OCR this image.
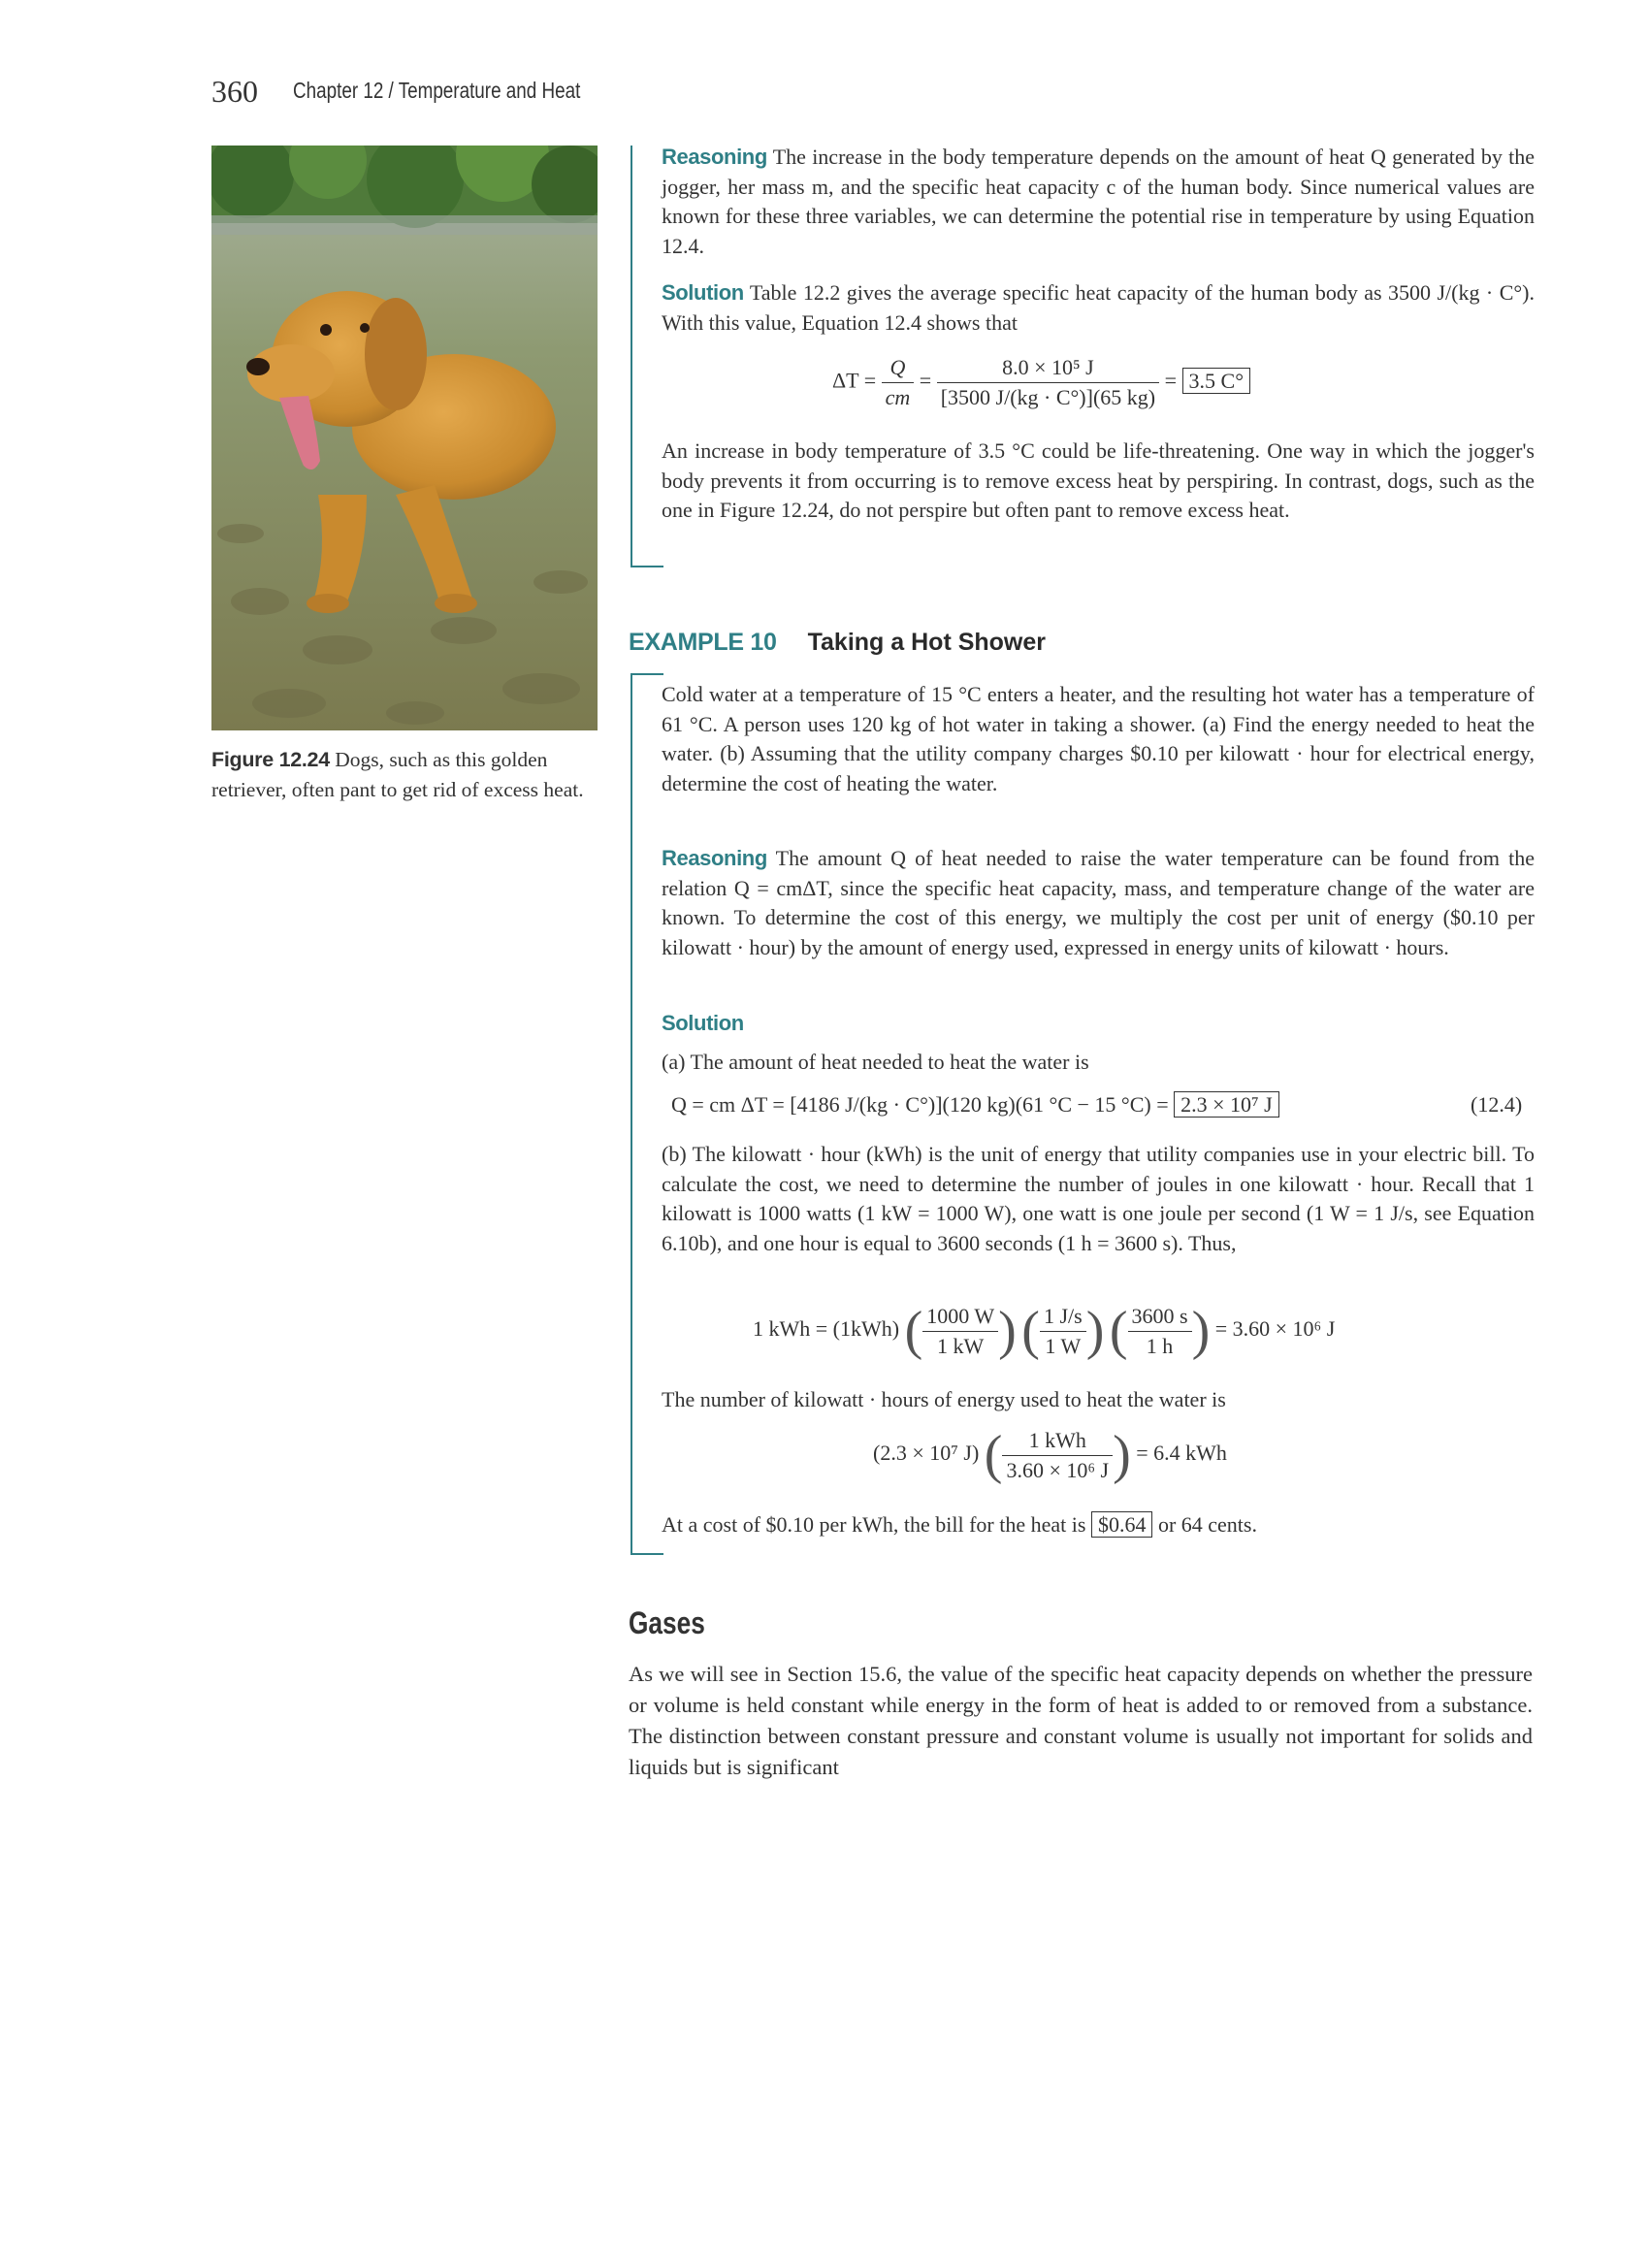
360 Chapter 12 / Temperature and Heat
Figure 12.24 Dogs, such as this golden retriever, often pant to get rid of excess heat.

Reasoning The increase in the body temperature depends on the amount of heat Q generated by the jogger, her mass m, and the specific heat capacity c of the human body. Since numerical values are known for these three variables, we can determine the potential rise in temperature by using Equation 12.4.

Solution Table 12.2 gives the average specific heat capacity of the human body as 3500 J/(kg · C°). With this value, Equation 12.4 shows that

$\Delta T = \frac{Q}{cm} = \frac{\text{8.0 × 10⁵ J}}{[3500 J/(kg \cdot C^\circ)](65 kg)} = 3.5$ C°

An increase in body temperature of 3.5 °C could be life-threatening. One way in which the jogger's body prevents it from occurring is to remove excess heat by perspiring. In contrast, dogs, such as the one in Figure 12.24, do not perspire but often pant to remove excess heat.

EXAMPLE 10 Taking a Hot Shower

Cold water at a temperature of 15 °C enters a heater, and the resulting hot water has a temperature of 61 °C. A person uses 120 kg of hot water in taking a shower. (a) Find the energy needed to heat the water. (b) Assuming that the utility company charges $0.10 per kilowatt · hour for electrical energy, determine the cost of heating the water.

Reasoning The amount Q of heat needed to raise the water temperature can be found from the relation Q = cmΔT, since the specific heat capacity, mass, and temperature change of the water are known. To determine the cost of this energy, we multiply the cost per unit of energy ($0.10 per kilowatt · hour) by the amount of energy used, expressed in energy units of kilowatt · hours.

Solution

(a) The amount of heat needed to heat the water is

Q = cm ΔT = [4186 J/(kg · C°)](120 kg)(61 °C − 15 °C) = 2.3 × 10⁷ J	(12.4)

(b) The kilowatt · hour (kWh) is the unit of energy that utility companies use in your electric bill. To calculate the cost, we need to determine the number of joules in one kilowatt · hour. Recall that 1 kilowatt is 1000 watts (1 kW = 1000 W), one watt is one joule per second (1 W = 1 J/s, see Equation 6.10b), and one hour is equal to 3600 seconds (1 h = 3600 s). Thus,

1 kWh = (1kWh) ( $\frac{1000 W}{1 kW}$ ) ( $\frac{1 J/s}{1 W}$ ) ( $\frac{3600 s}{1 h}$ ) = 3.60 × 10⁶ J

The number of kilowatt · hours of energy used to heat the water is

(2.3 × 10⁷ J) ( $\frac{\text{1 kWh}}{\text{3.60 × 10⁶ J}}$ ) = 6.4 kWh

At a cost of $0.10 per kWh, the bill for the heat is $0.64 or 64 cents.

Gases
As we will see in Section 15.6, the value of the specific heat capacity depends on whether the pressure or volume is held constant while energy in the form of heat is added to or removed from a substance. The distinction between constant pressure and constant volume is usually not important for solids and liquids but is significant
